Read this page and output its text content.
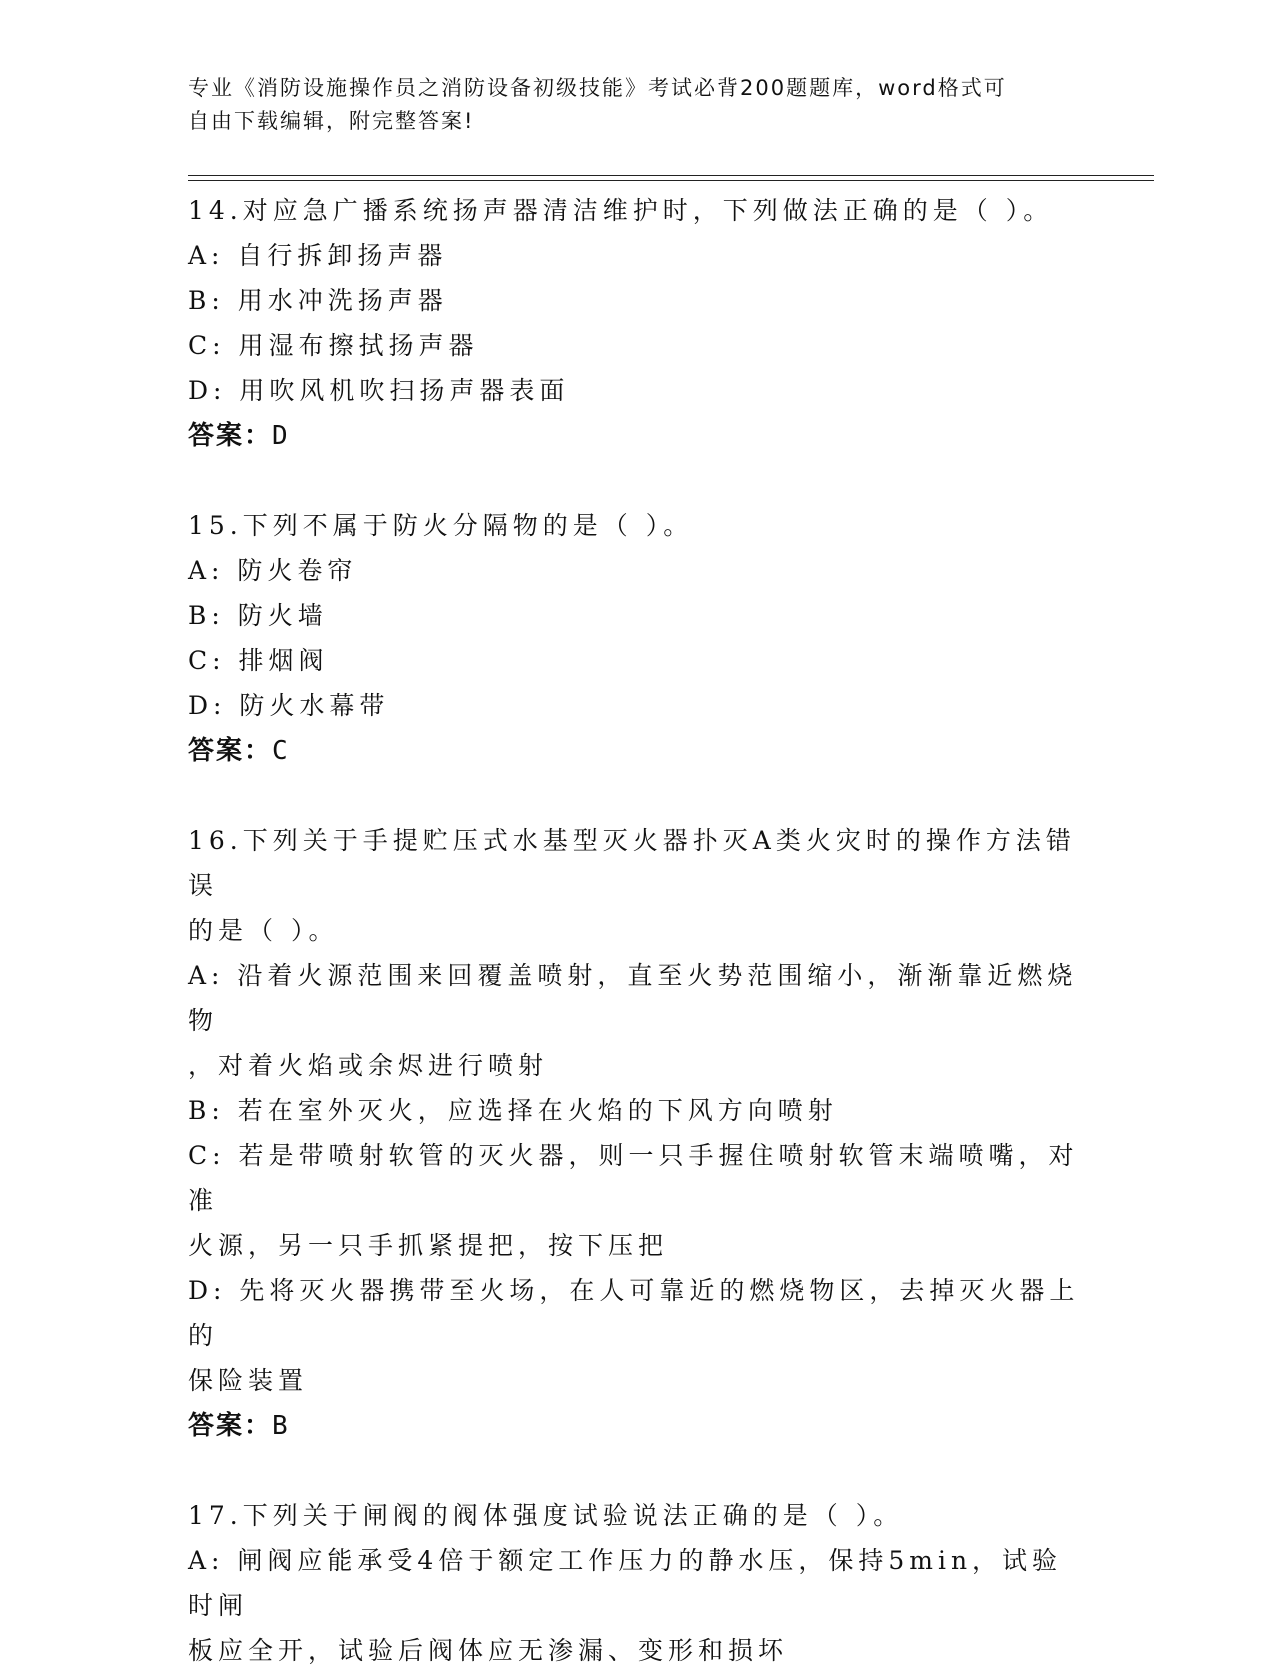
专业《消防设施操作员之消防设备初级技能》考试必背200题题库，word格式可
自由下载编辑，附完整答案!

14.对应急广播系统扬声器清洁维护时，下列做法正确的是（ ）。

A: 自行拆卸扬声器

B: 用水冲洗扬声器

C: 用湿布擦拭扬声器

D: 用吹风机吹扫扬声器表面

答案：D

15.下列不属于防火分隔物的是（ ）。

A: 防火卷帘

B: 防火墙

C: 排烟阀

D: 防火水幕带

答案：C

16.下列关于手提贮压式水基型灭火器扑灭A类火灾时的操作方法错误

的是（ ）。

A: 沿着火源范围来回覆盖喷射，直至火势范围缩小，渐渐靠近燃烧物

，对着火焰或余烬进行喷射

B: 若在室外灭火，应选择在火焰的下风方向喷射

C: 若是带喷射软管的灭火器，则一只手握住喷射软管末端喷嘴，对准

火源，另一只手抓紧提把，按下压把

D: 先将灭火器携带至火场，在人可靠近的燃烧物区，去掉灭火器上的

保险装置

答案：B

17.下列关于闸阀的阀体强度试验说法正确的是（ ）。

A: 闸阀应能承受4倍于额定工作压力的静水压，保持5min，试验时闸

板应全开，试验后阀体应无渗漏、变形和损坏
